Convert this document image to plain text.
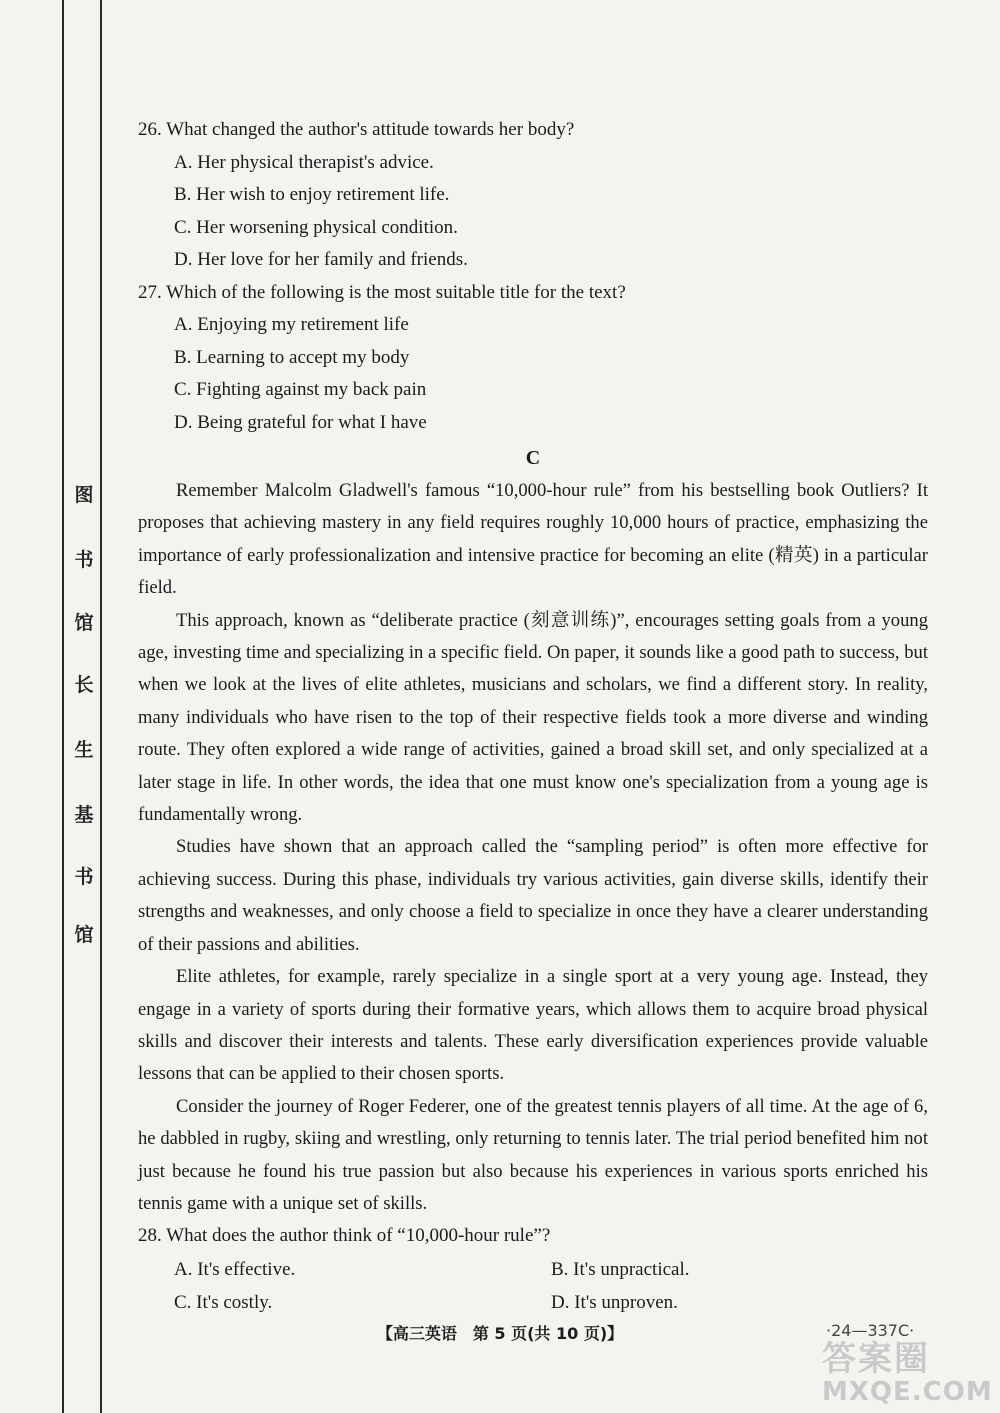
图
书
馆
长
生
基
书
馆

26. What changed the author's attitude towards her body?

A. Her physical therapist's advice.

B. Her wish to enjoy retirement life.

C. Her worsening physical condition.

D. Her love for her family and friends.

27. Which of the following is the most suitable title for the text?

A. Enjoying my retirement life

B. Learning to accept my body

C. Fighting against my back pain

D. Being grateful for what I have

C

Remember Malcolm Gladwell's famous “10,000-hour rule” from his bestselling book Outliers? It proposes that achieving mastery in any field requires roughly 10,000 hours of practice, emphasizing the importance of early professionalization and intensive practice for becoming an elite (精英) in a particular field.

This approach, known as “deliberate practice (刻意训练)”, encourages setting goals from a young age, investing time and specializing in a specific field. On paper, it sounds like a good path to success, but when we look at the lives of elite athletes, musicians and scholars, we find a different story. In reality, many individuals who have risen to the top of their respective fields took a more diverse and winding route. They often explored a wide range of activities, gained a broad skill set, and only specialized at a later stage in life. In other words, the idea that one must know one's specialization from a young age is fundamentally wrong.

Studies have shown that an approach called the “sampling period” is often more effective for achieving success. During this phase, individuals try various activities, gain diverse skills, identify their strengths and weaknesses, and only choose a field to specialize in once they have a clearer understanding of their passions and abilities.

Elite athletes, for example, rarely specialize in a single sport at a very young age. Instead, they engage in a variety of sports during their formative years, which allows them to acquire broad physical skills and discover their interests and talents. These early diversification experiences provide valuable lessons that can be applied to their chosen sports.

Consider the journey of Roger Federer, one of the greatest tennis players of all time. At the age of 6, he dabbled in rugby, skiing and wrestling, only returning to tennis later. The trial period benefited him not just because he found his true passion but also because his experiences in various sports enriched his tennis game with a unique set of skills.

28. What does the author think of “10,000-hour rule”?

A. It's effective.	B. It's unpractical.
C. It's costly.	D. It's unproven.
【高三英语　第 5 页(共 10 页)】	·24—337C·
答案圈
MXQE.COM
